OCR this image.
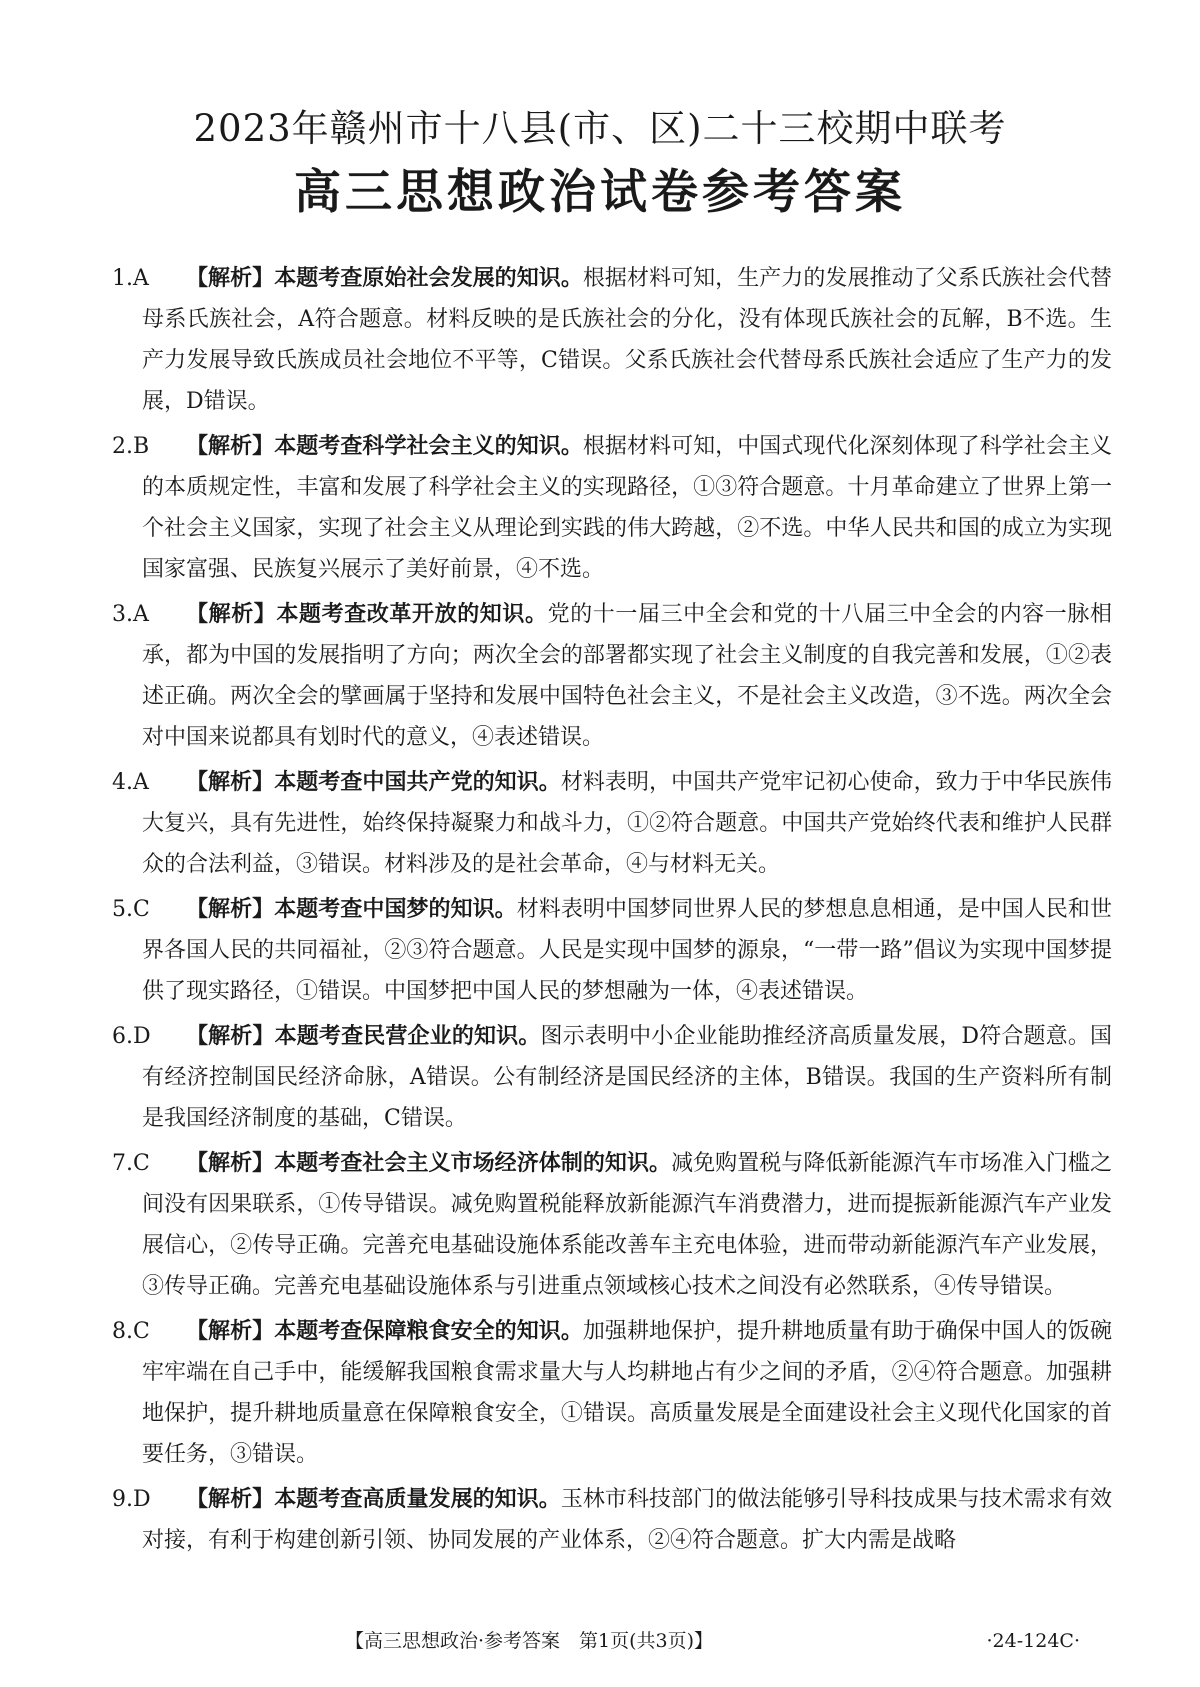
2023年赣州市十八县(市、区)二十三校期中联考
高三思想政治试卷参考答案
1.A	【解析】本题考查原始社会发展的知识。根据材料可知，生产力的发展推动了父系氏族社会代替母系氏族社会，A符合题意。材料反映的是氏族社会的分化，没有体现氏族社会的瓦解，B不选。生产力发展导致氏族成员社会地位不平等，C错误。父系氏族社会代替母系氏族社会适应了生产力的发展，D错误。

2.B	【解析】本题考查科学社会主义的知识。根据材料可知，中国式现代化深刻体现了科学社会主义的本质规定性，丰富和发展了科学社会主义的实现路径，①③符合题意。十月革命建立了世界上第一个社会主义国家，实现了社会主义从理论到实践的伟大跨越，②不选。中华人民共和国的成立为实现国家富强、民族复兴展示了美好前景，④不选。

3.A	【解析】本题考查改革开放的知识。党的十一届三中全会和党的十八届三中全会的内容一脉相承，都为中国的发展指明了方向；两次全会的部署都实现了社会主义制度的自我完善和发展，①②表述正确。两次全会的擘画属于坚持和发展中国特色社会主义，不是社会主义改造，③不选。两次全会对中国来说都具有划时代的意义，④表述错误。

4.A	【解析】本题考查中国共产党的知识。材料表明，中国共产党牢记初心使命，致力于中华民族伟大复兴，具有先进性，始终保持凝聚力和战斗力，①②符合题意。中国共产党始终代表和维护人民群众的合法利益，③错误。材料涉及的是社会革命，④与材料无关。

5.C	【解析】本题考查中国梦的知识。材料表明中国梦同世界人民的梦想息息相通，是中国人民和世界各国人民的共同福祉，②③符合题意。人民是实现中国梦的源泉，“一带一路”倡议为实现中国梦提供了现实路径，①错误。中国梦把中国人民的梦想融为一体，④表述错误。

6.D	【解析】本题考查民营企业的知识。图示表明中小企业能助推经济高质量发展，D符合题意。国有经济控制国民经济命脉，A错误。公有制经济是国民经济的主体，B错误。我国的生产资料所有制是我国经济制度的基础，C错误。

7.C	【解析】本题考查社会主义市场经济体制的知识。减免购置税与降低新能源汽车市场准入门槛之间没有因果联系，①传导错误。减免购置税能释放新能源汽车消费潜力，进而提振新能源汽车产业发展信心，②传导正确。完善充电基础设施体系能改善车主充电体验，进而带动新能源汽车产业发展，③传导正确。完善充电基础设施体系与引进重点领域核心技术之间没有必然联系，④传导错误。

8.C	【解析】本题考查保障粮食安全的知识。加强耕地保护，提升耕地质量有助于确保中国人的饭碗牢牢端在自己手中，能缓解我国粮食需求量大与人均耕地占有少之间的矛盾，②④符合题意。加强耕地保护，提升耕地质量意在保障粮食安全，①错误。高质量发展是全面建设社会主义现代化国家的首要任务，③错误。

9.D	【解析】本题考查高质量发展的知识。玉林市科技部门的做法能够引导科技成果与技术需求有效对接，有利于构建创新引领、协同发展的产业体系，②④符合题意。扩大内需是战略

【高三思想政治·参考答案　第1页(共3页)】	·24-124C·
